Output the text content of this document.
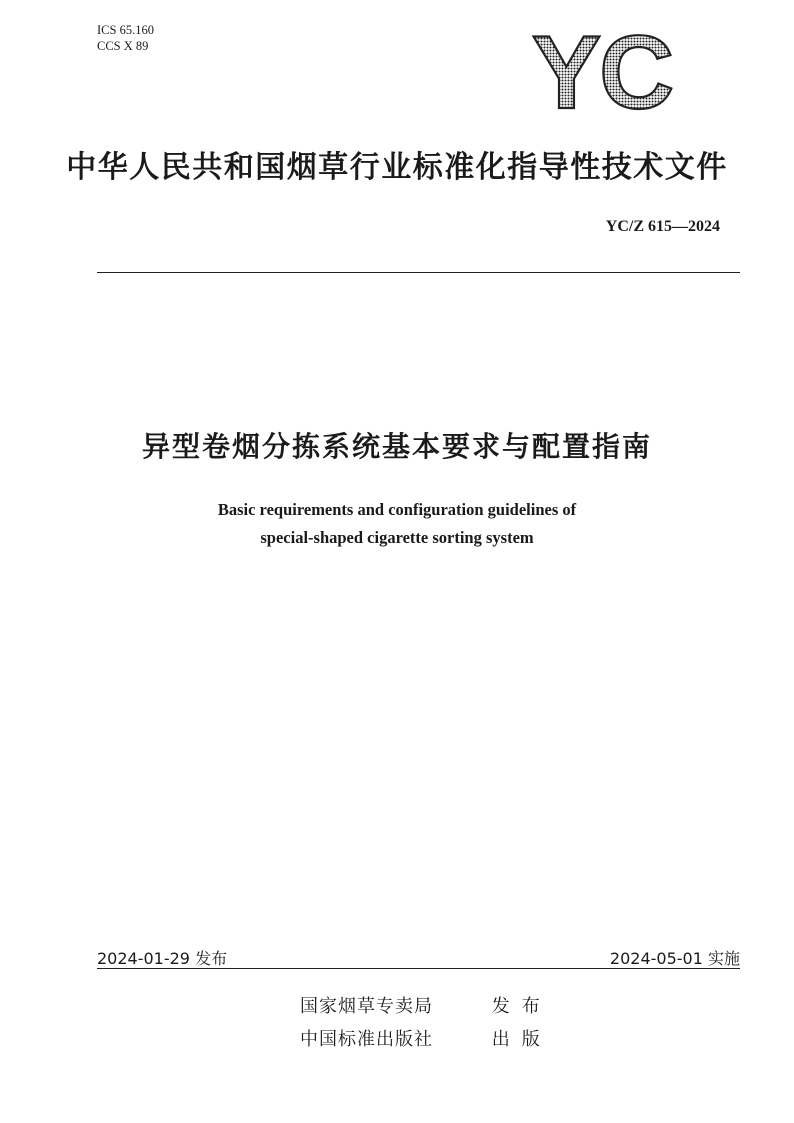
ICS 65.160
CCS X 89	YC
中华人民共和国烟草行业标准化指导性技术文件
YC/Z 615—2024
异型卷烟分拣系统基本要求与配置指南
Basic requirements and configuration guidelines of
special-shaped cigarette sorting system
2024-01-29 发布	2024-05-01 实施
国家烟草专卖局	发布
中国标准出版社	出版
